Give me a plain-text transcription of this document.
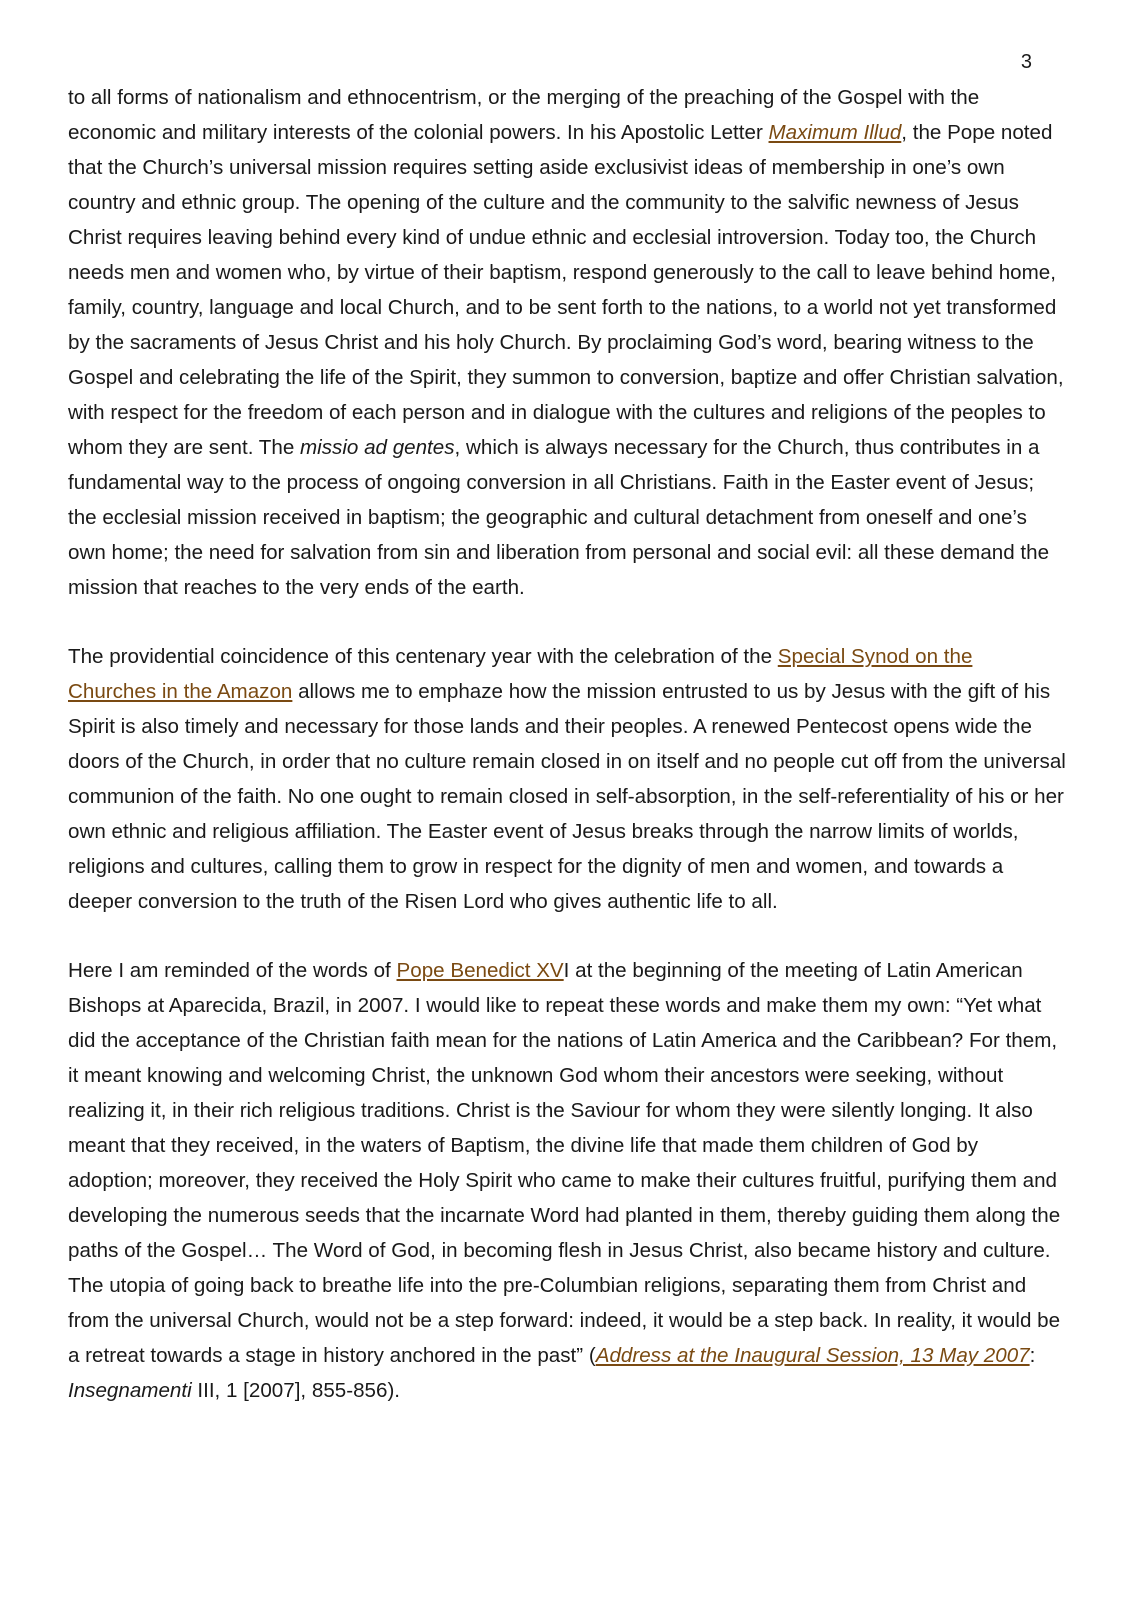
3

to all forms of nationalism and ethnocentrism, or the merging of the preaching of the Gospel with the economic and military interests of the colonial powers. In his Apostolic Letter Maximum Illud, the Pope noted that the Church’s universal mission requires setting aside exclusivist ideas of membership in one’s own country and ethnic group. The opening of the culture and the community to the salvific newness of Jesus Christ requires leaving behind every kind of undue ethnic and ecclesial introversion. Today too, the Church needs men and women who, by virtue of their baptism, respond generously to the call to leave behind home, family, country, language and local Church, and to be sent forth to the nations, to a world not yet transformed by the sacraments of Jesus Christ and his holy Church. By proclaiming God’s word, bearing witness to the Gospel and celebrating the life of the Spirit, they summon to conversion, baptize and offer Christian salvation, with respect for the freedom of each person and in dialogue with the cultures and religions of the peoples to whom they are sent. The missio ad gentes, which is always necessary for the Church, thus contributes in a fundamental way to the process of ongoing conversion in all Christians. Faith in the Easter event of Jesus; the ecclesial mission received in baptism; the geographic and cultural detachment from oneself and one’s own home; the need for salvation from sin and liberation from personal and social evil: all these demand the mission that reaches to the very ends of the earth.

The providential coincidence of this centenary year with the celebration of the Special Synod on the Churches in the Amazon allows me to emphaze how the mission entrusted to us by Jesus with the gift of his Spirit is also timely and necessary for those lands and their peoples. A renewed Pentecost opens wide the doors of the Church, in order that no culture remain closed in on itself and no people cut off from the universal communion of the faith. No one ought to remain closed in self-absorption, in the self-referentiality of his or her own ethnic and religious affiliation. The Easter event of Jesus breaks through the narrow limits of worlds, religions and cultures, calling them to grow in respect for the dignity of men and women, and towards a deeper conversion to the truth of the Risen Lord who gives authentic life to all.

Here I am reminded of the words of Pope Benedict XVI at the beginning of the meeting of Latin American Bishops at Aparecida, Brazil, in 2007. I would like to repeat these words and make them my own: “Yet what did the acceptance of the Christian faith mean for the nations of Latin America and the Caribbean? For them, it meant knowing and welcoming Christ, the unknown God whom their ancestors were seeking, without realizing it, in their rich religious traditions. Christ is the Saviour for whom they were silently longing. It also meant that they received, in the waters of Baptism, the divine life that made them children of God by adoption; moreover, they received the Holy Spirit who came to make their cultures fruitful, purifying them and developing the numerous seeds that the incarnate Word had planted in them, thereby guiding them along the paths of the Gospel… The Word of God, in becoming flesh in Jesus Christ, also became history and culture. The utopia of going back to breathe life into the pre-Columbian religions, separating them from Christ and from the universal Church, would not be a step forward: indeed, it would be a step back. In reality, it would be a retreat towards a stage in history anchored in the past” (Address at the Inaugural Session, 13 May 2007: Insegnamenti III, 1 [2007], 855-856).
